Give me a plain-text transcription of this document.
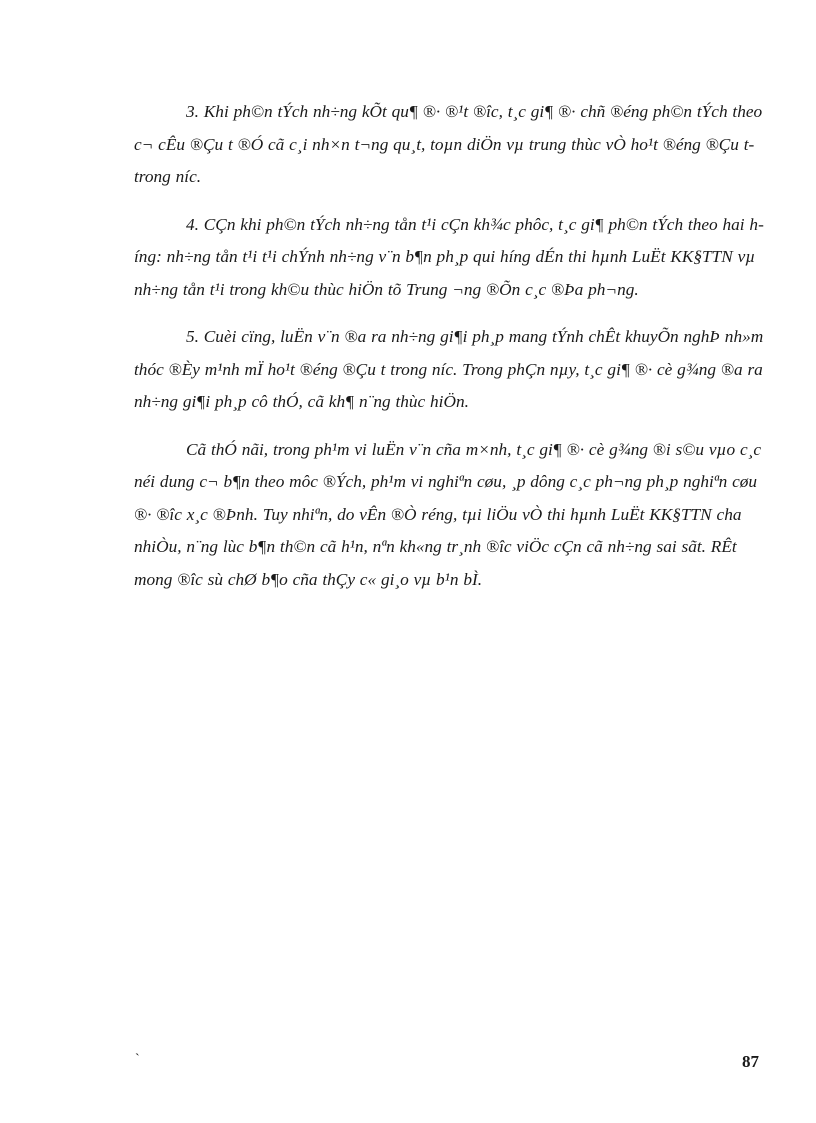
3. Khi ph©n tÝch nh÷ng kÕt qu¶ ®· ®¹t ®îc, t¸c gi¶ ®· chñ ®éng ph©n tÝch theo c¬ cÊu ®Çu t ®Ó cã c¸i nh×n t¬ng qu¸t, toµn diÖn vµ trung thùc vÒ ho¹t ®éng ®Çu t trong níc.

4. CÇn khi ph©n tÝch nh÷ng tån t¹i cÇn kh¾c phôc, t¸c gi¶ ph©n tÝch theo hai híng: nh÷ng tån t¹i t¹i chÝnh nh÷ng v¨n b¶n ph¸p qui híng dÉn thi hµnh LuËt KK§TTN vµ nh÷ng tån t¹i trong kh©u thùc hiÖn tõ Trung ¬ng ®Õn c¸c ®Þa ph¬ng.

5. Cuèi cïng, luËn v¨n ®a ra nh÷ng gi¶i ph¸p mang tÝnh chÊt khuyÕn nghÞ nh»m thóc ®Èy m¹nh mÏ ho¹t ®éng ®Çu t trong níc. Trong phÇn nµy, t¸c gi¶ ®· cè g¾ng ®a ra nh÷ng gi¶i ph¸p cô thÓ, cã kh¶ n¨ng thùc hiÖn.

Cã thÓ nãi, trong ph¹m vi luËn v¨n cña m×nh, t¸c gi¶ ®· cè g¾ng ®i s©u vµo c¸c néi dung c¬ b¶n theo môc ®Ých, ph¹m vi nghiªn cøu, ¸p dông c¸c ph¬ng ph¸p nghiªn cøu ®· ®îc x¸c ®Þnh. Tuy nhiªn, do vÊn ®Ò réng, tµi liÖu vÒ thi hµnh LuËt KK§TTN cha nhiÒu, n¨ng lùc b¶n th©n cã h¹n, nªn kh«ng tr¸nh ®îc viÖc cÇn cã nh÷ng sai sãt. RÊt mong ®îc sù chØ b¶o cña thÇy c« gi¸o vµ b¹n bÌ.

`	87
